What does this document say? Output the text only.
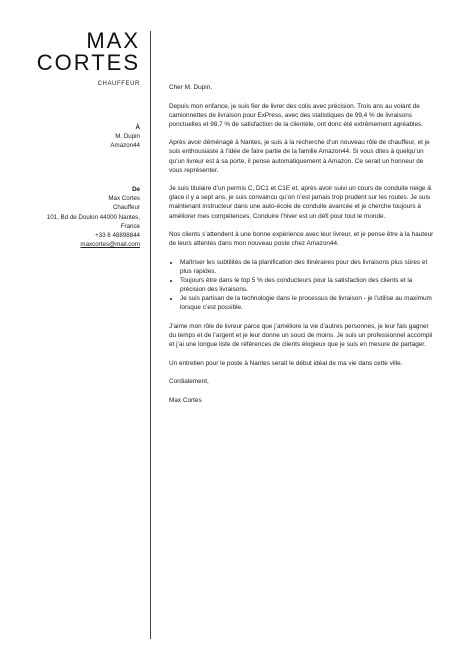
MAX
CORTES
CHAUFFEUR
À
M. Dupin
Amazon44
De
Max Cortes
Chauffeur
101, Bd de Doulon 44000 Nantes,
France
+33 6 48898844
maxcortes@mail.com

Cher M. Dupin,

Depuis mon enfance, je suis fier de livrer des colis avec précision. Trois ans au volant de camionnettes de livraison pour ExPress, avec des statistiques de 99,4 % de livraisons ponctuelles et 98,7 % de satisfaction de la clientèle, ont donc été extrêmement agréables.

Après avoir déménagé à Nantes, je suis à la recherche d’un nouveau rôle de chauffeur, et je suis enthousiaste à l’idée de faire partie de la famille Amazon44. Si vous dites à quelqu’un qu’un livreur est à sa porte, il pense automatiquement à Amazon. Ce serait un honneur de vous représenter.

Je suis titulaire d’un permis C, DC1 et C1E et, après avoir suivi un cours de conduite neige & glace il y a sept ans, je suis convaincu qu’on n’est jamais trop prudent sur les routes. Je suis maintenant instructeur dans une auto-école de conduite avancée et je cherche toujours à améliorer mes compétences. Conduire l’hiver est un défi pour tout le monde.

Nos clients s’attendent à une bonne expérience avec leur livreur, et je pense être à la hauteur de leurs attentes dans mon nouveau poste chez Amazon44.

• Maîtriser les subtilités de la planification des itinéraires pour des livraisons plus sûres et plus rapides.
• Toujours être dans le top 5 % des conducteurs pour la satisfaction des clients et la précision des livraisons.
• Je suis partisan de la technologie dans le processus de livraison - je l’utilise au maximum lorsque c’est possible.

J’aime mon rôle de livreur parce que j’améliore la vie d’autres personnes, je leur fais gagner du temps et de l’argent et je leur donne un souci de moins. Je suis un professionnel accompli et j’ai une longue liste de références de clients élogieux que je suis en mesure de partager.

Un entretien pour le poste à Nantes serait le début idéal de ma vie dans cette ville.

Cordialement,

Max Cortes
